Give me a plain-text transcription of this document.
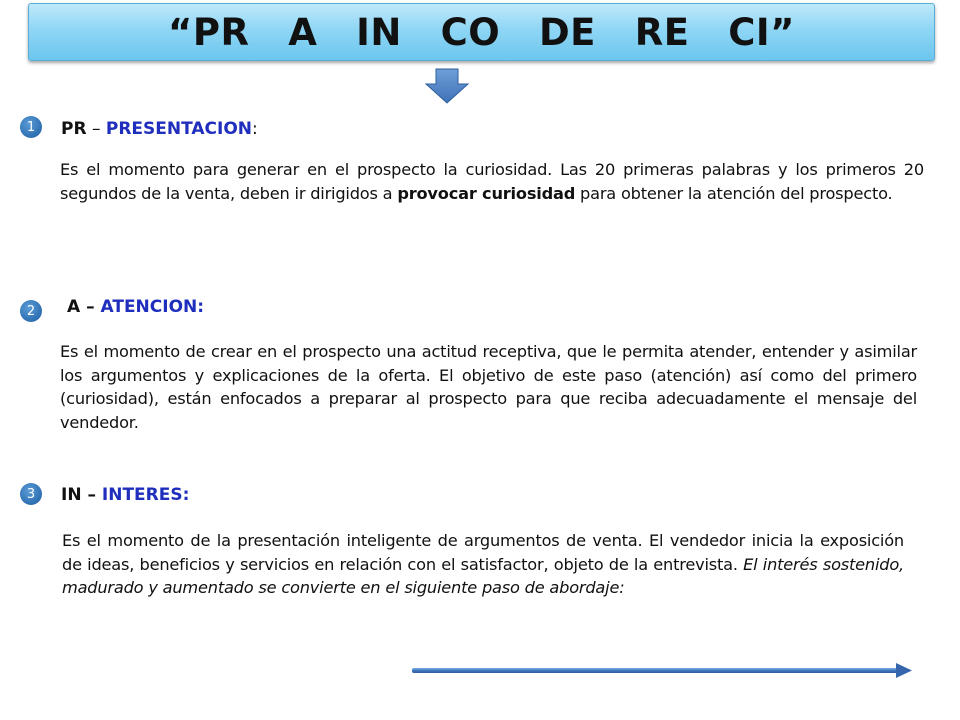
“PR  A  IN  CO  DE  RE  CI”
1	PR – PRESENTACION:
Es el momento para generar en el prospecto la curiosidad. Las 20 primeras palabras y los primeros 20 segundos de la venta, deben ir dirigidos a provocar curiosidad para obtener la atención del prospecto.
2	A – ATENCION:
Es el momento de crear en el prospecto una actitud receptiva, que le permita atender, entender y asimilar los argumentos y explicaciones de la oferta. El objetivo de este paso (atención) así como del primero (curiosidad), están enfocados a preparar al prospecto para que reciba adecuadamente el mensaje del vendedor.
3	IN – INTERES:
Es el momento de la presentación inteligente de argumentos de venta. El vendedor inicia la exposición de ideas, beneficios y servicios en relación con el satisfactor, objeto de la entrevista. El interés sostenido, madurado y aumentado se convierte en el siguiente paso de abordaje:
